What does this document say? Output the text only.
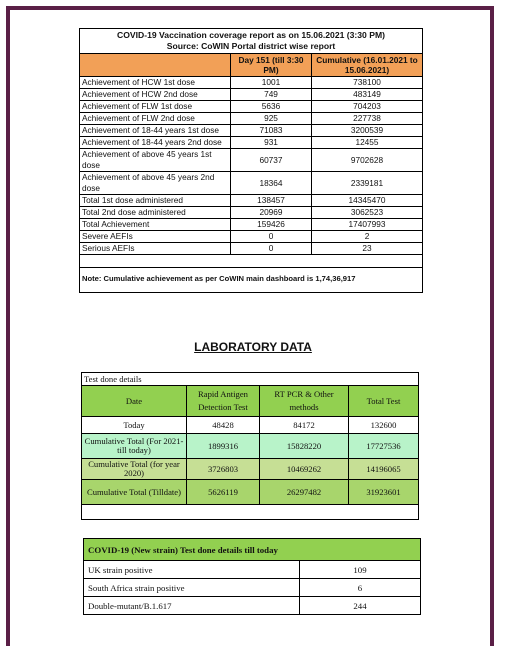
COVID-19 Vaccination coverage report as on 15.06.2021 (3:30 PM)
Source: CoWIN Portal district wise report		

	Day 151 (till 3:30 PM)	Cumulative (16.01.2021 to 15.06.2021)
Achievement of HCW 1st dose	1001	738100
Achievement of HCW 2nd dose	749	483149
Achievement of FLW 1st dose	5636	704203
Achievement of FLW 2nd dose	925	227738
Achievement of 18-44 years 1st dose	71083	3200539
Achievement of 18-44 years 2nd dose	931	12455
Achievement of above 45 years 1st dose	60737	9702628
Achievement of above 45 years 2nd dose	18364	2339181
Total 1st dose administered	138457	14345470
Total 2nd dose administered	20969	3062523
Total Achievement	159426	17407993
Severe AEFIs	0	2
Serious AEFIs	0	23

Note: Cumulative achievement as per CoWIN main dashboard is 1,74,36,917		
LABORATORY DATA
Test done details			
Date	Rapid Antigen Detection Test	RT PCR & Other methods	Total Test
Today	48428	84172	132600
Cumulative Total (For 2021- till today)	1899316	15828220	17727536
Cumulative Total (for year 2020)	3726803	10469262	14196065
Cumulative Total (Tilldate)	5626119	26297482	31923601

COVID-19 (New strain) Test done details till today	
UK strain positive	109
South Africa strain positive	6
Double-mutant/B.1.617	244
